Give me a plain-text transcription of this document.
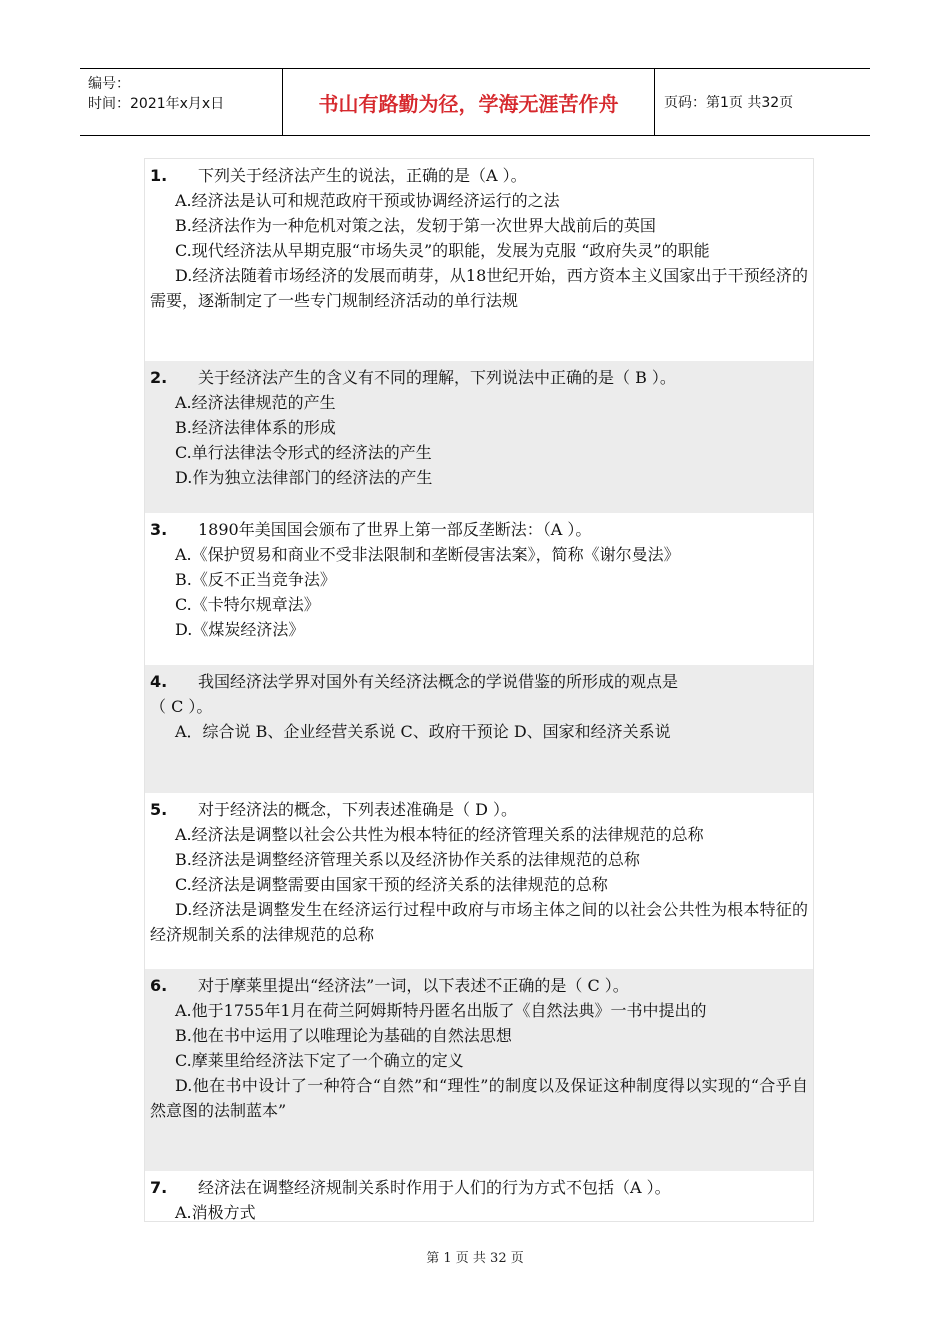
编号：
时间：2021年x月x日	书山有路勤为径，学海无涯苦作舟	页码：第1页 共32页
1. 下列关于经济法产生的说法，正确的是（A ）。
A.经济法是认可和规范政府干预或协调经济运行的之法
B.经济法作为一种危机对策之法，发轫于第一次世界大战前后的英国
C.现代经济法从早期克服“市场失灵”的职能，发展为克服 “政府失灵”的职能
D.经济法随着市场经济的发展而萌芽，从18世纪开始，西方资本主义国家出于干预经济的需要，逐渐制定了一些专门规制经济活动的单行法规
2. 关于经济法产生的含义有不同的理解，下列说法中正确的是（ B ）。
A.经济法律规范的产生
B.经济法律体系的形成
C.单行法律法令形式的经济法的产生
D.作为独立法律部门的经济法的产生
3. 1890年美国国会颁布了世界上第一部反垄断法：（A ）。
A.《保护贸易和商业不受非法限制和垄断侵害法案》，简称《谢尔曼法》
B.《反不正当竞争法》
C.《卡特尔规章法》
D.《煤炭经济法》
4. 我国经济法学界对国外有关经济法概念的学说借鉴的所形成的观点是
（ C ）。
A．综合说 B、企业经营关系说 C、政府干预论 D、国家和经济关系说
5. 对于经济法的概念，下列表述准确是（ D ）。
A.经济法是调整以社会公共性为根本特征的经济管理关系的法律规范的总称
B.经济法是调整经济管理关系以及经济协作关系的法律规范的总称
C.经济法是调整需要由国家干预的经济关系的法律规范的总称
D.经济法是调整发生在经济运行过程中政府与市场主体之间的以社会公共性为根本特征的经济规制关系的法律规范的总称
6. 对于摩莱里提出“经济法”一词，以下表述不正确的是（ C ）。
A.他于1755年1月在荷兰阿姆斯特丹匿名出版了《自然法典》一书中提出的
B.他在书中运用了以唯理论为基础的自然法思想
C.摩莱里给经济法下定了一个确立的定义
D.他在书中设计了一种符合“自然”和“理性”的制度以及保证这种制度得以实现的“合乎自然意图的法制蓝本”
7. 经济法在调整经济规制关系时作用于人们的行为方式不包括（A ）。
A.消极方式
第 1 页 共 32 页
